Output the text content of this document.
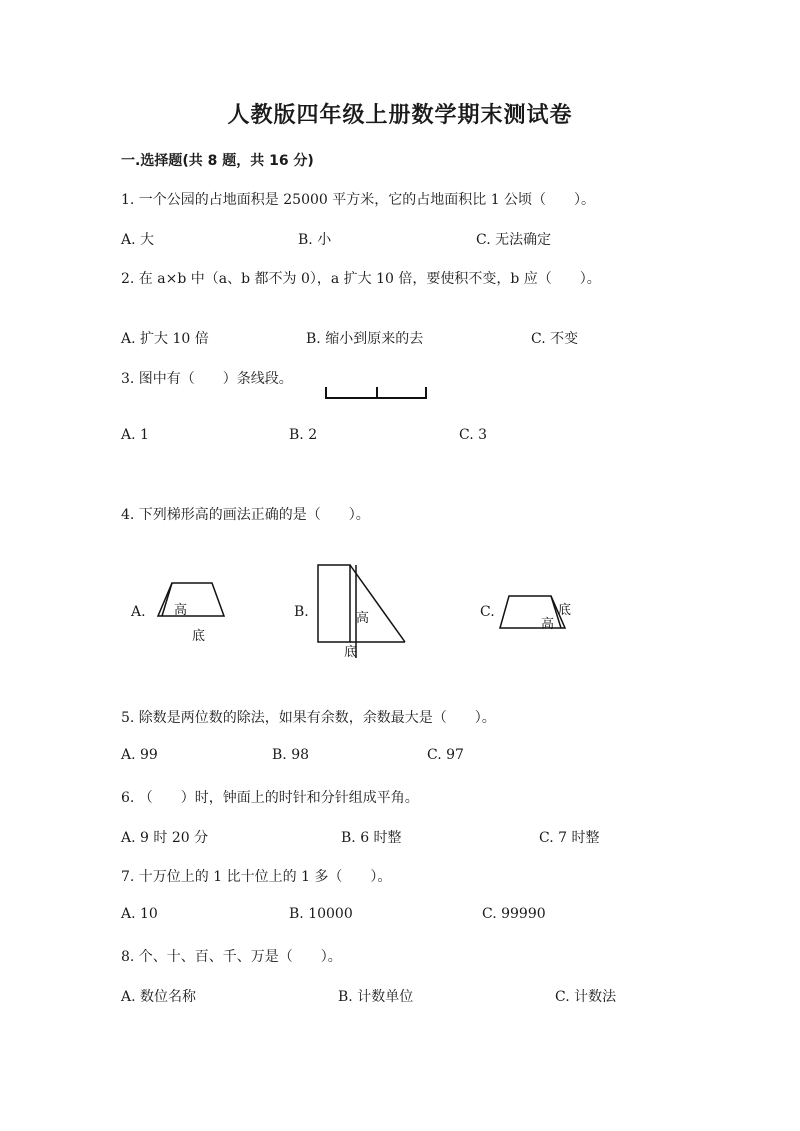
人教版四年级上册数学期末测试卷
一.选择题(共 8 题，共 16 分)
1. 一个公园的占地面积是 25000 平方米，它的占地面积比 1 公顷（　　）。
A. 大	B. 小	C. 无法确定
2. 在 a×b 中（a、b 都不为 0），a 扩大 10 倍，要使积不变，b 应（　　）。
A. 扩大 10 倍	B. 缩小到原来的去	C. 不变
3. 图中有（　　）条线段。
A. 1	B. 2	C. 3
4. 下列梯形高的画法正确的是（　　）。
A. 高
底
B.	高
底
C.	底
高
5. 除数是两位数的除法，如果有余数，余数最大是（　　）。
A. 99	B. 98	C. 97
6. （　　）时，钟面上的时针和分针组成平角。
A. 9 时 20 分	B. 6 时整	C. 7 时整
7. 十万位上的 1 比十位上的 1 多（　　）。
A. 10	B. 10000	C. 99990
8. 个、十、百、千、万是（　　）。
A. 数位名称	B. 计数单位	C. 计数法
